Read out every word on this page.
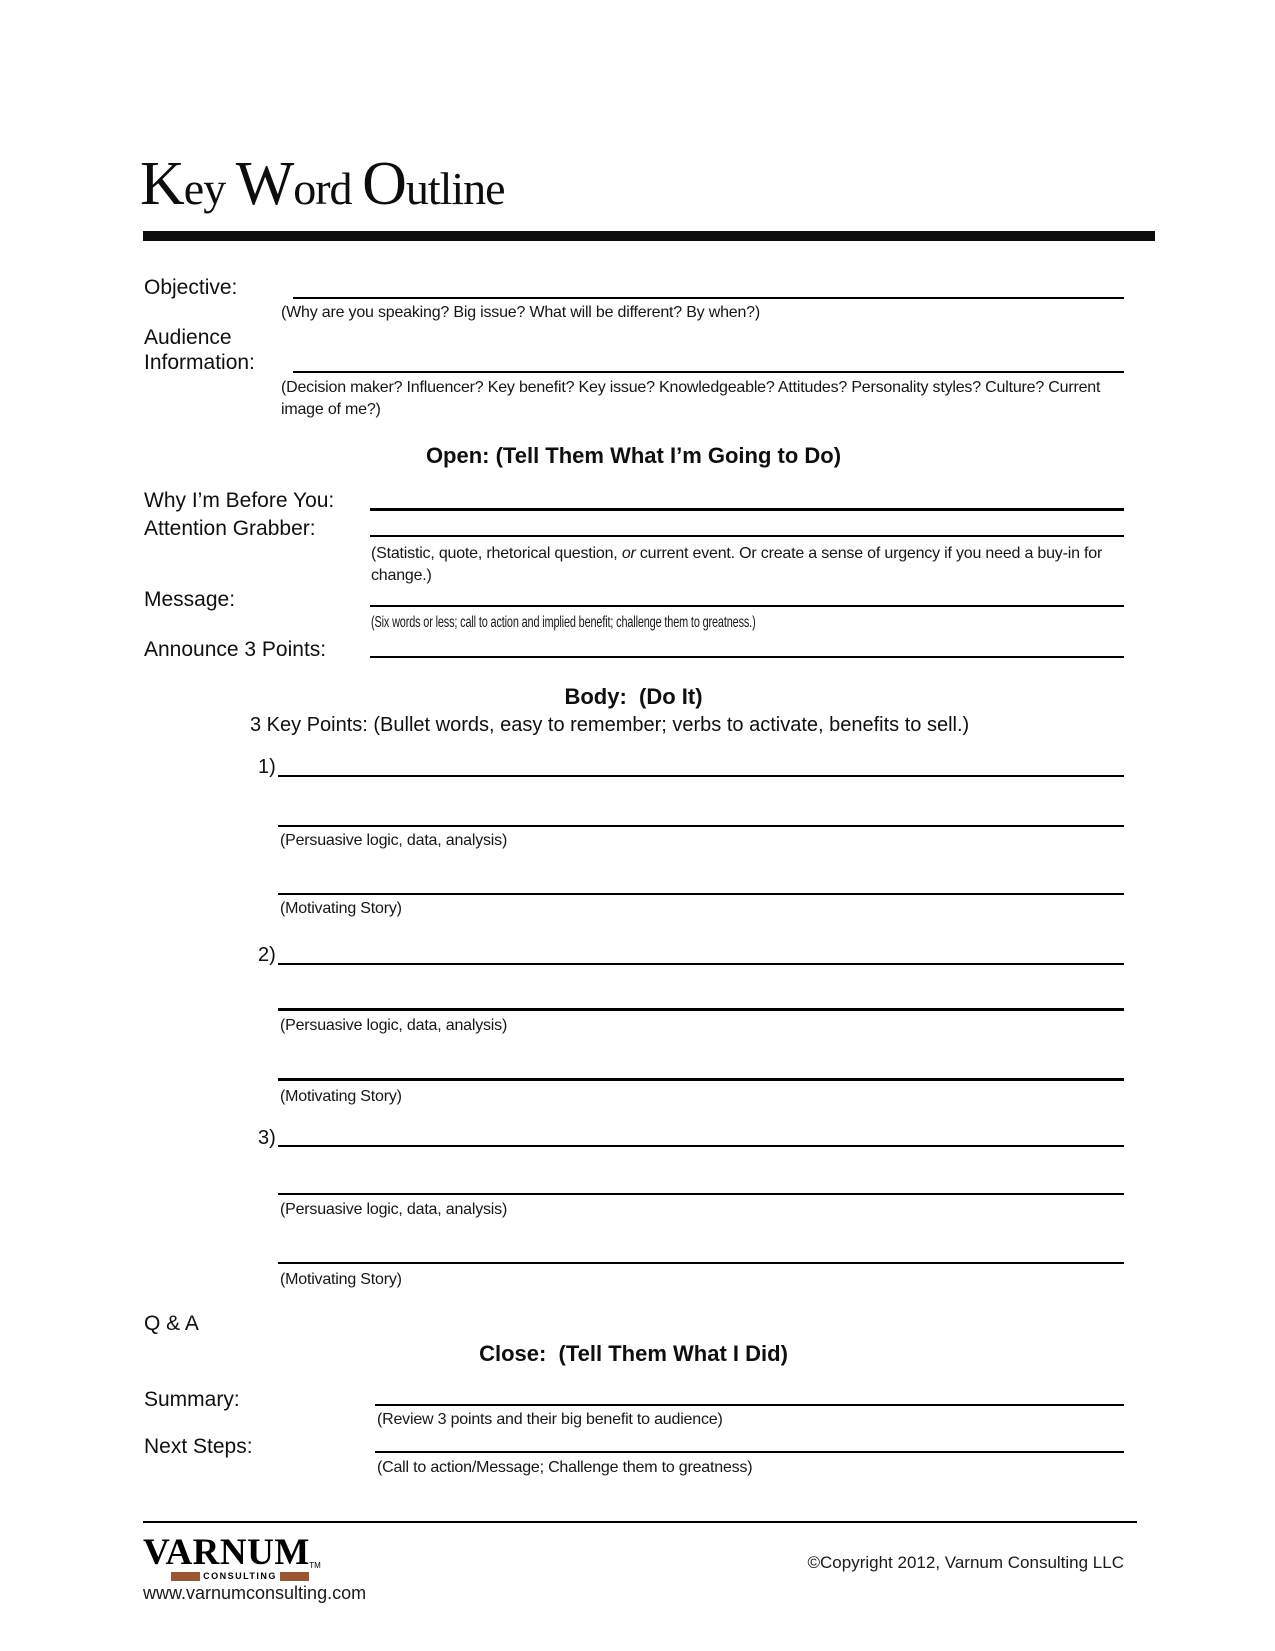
Key Word Outline
Objective:
(Why are you speaking? Big issue? What will be different? By when?)
Audience
Information:
(Decision maker? Influencer? Key benefit? Key issue? Knowledgeable? Attitudes? Personality styles? Culture? Current image of me?)
Open: (Tell Them What I’m Going to Do)
Why I’m Before You:
Attention Grabber:
(Statistic, quote, rhetorical question, or current event. Or create a sense of urgency if you need a buy-in for change.)
Message:
(Six words or less; call to action and implied benefit; challenge them to greatness.)
Announce 3 Points:
Body:  (Do It)
3 Key Points: (Bullet words, easy to remember; verbs to activate, benefits to sell.)
1)
(Persuasive logic, data, analysis)
(Motivating Story)
2)
(Persuasive logic, data, analysis)
(Motivating Story)
3)
(Persuasive logic, data, analysis)
(Motivating Story)
Q & A
Close:  (Tell Them What I Did)
Summary:
(Review 3 points and their big benefit to audience)
Next Steps:
(Call to action/Message; Challenge them to greatness)
VARNUM TM
CONSULTING
©Copyright 2012, Varnum Consulting LLC
www.varnumconsulting.com
